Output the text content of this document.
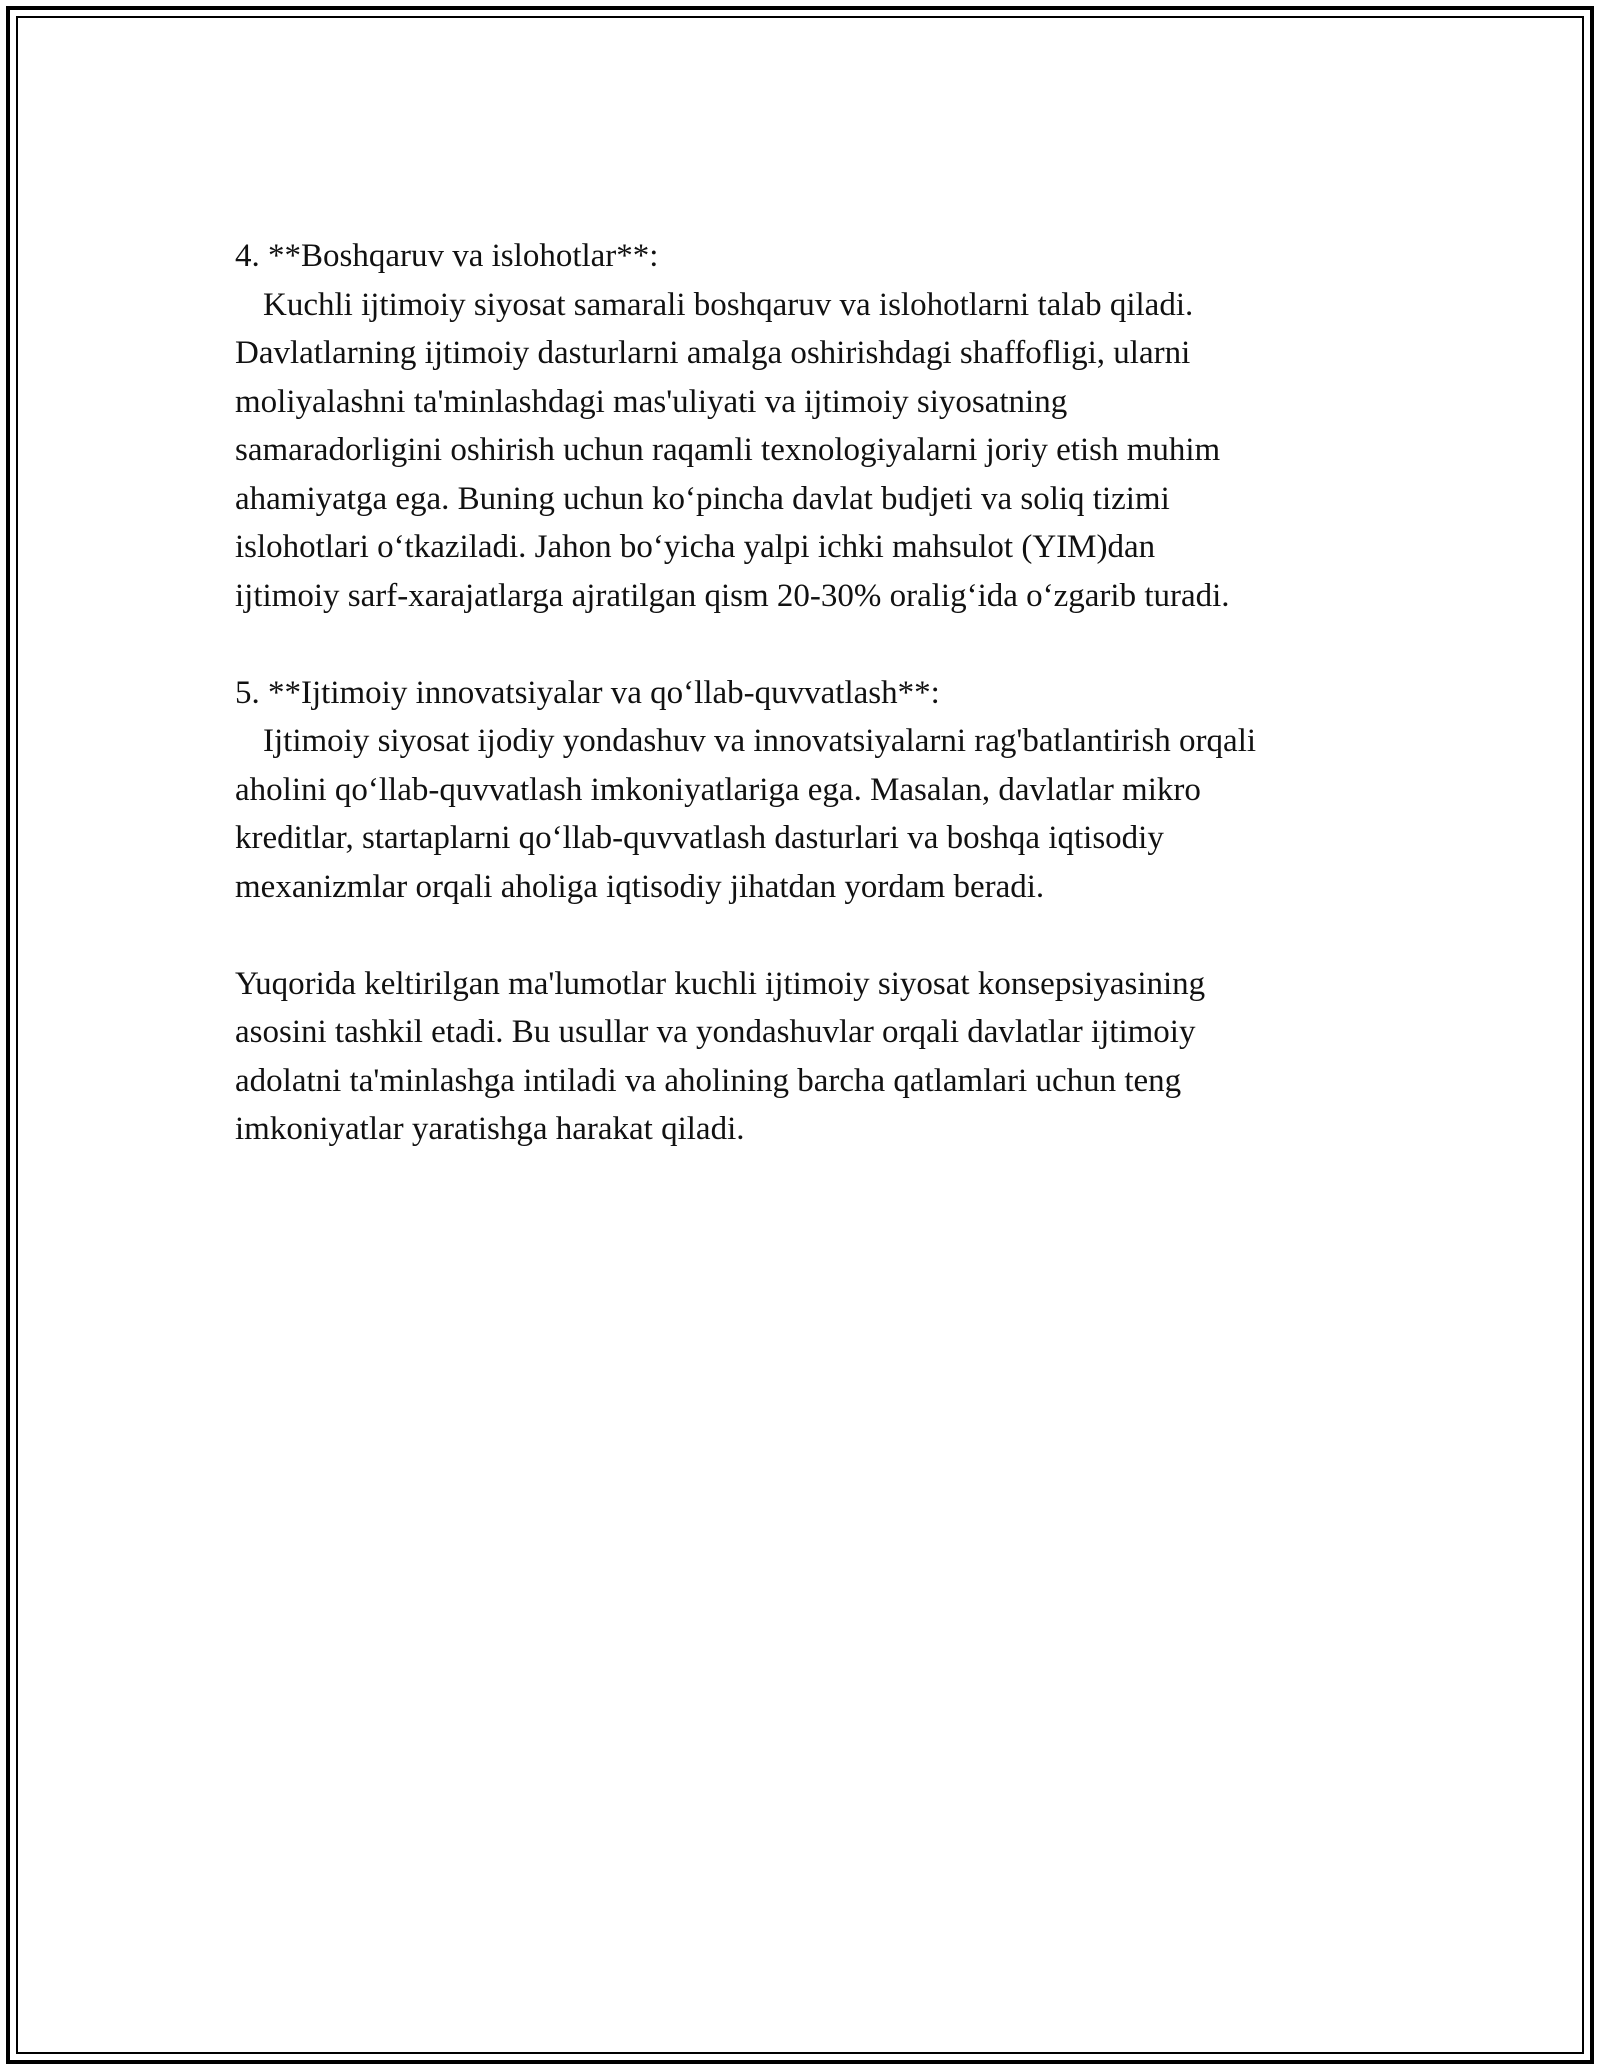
4. **Boshqaruv va islohotlar**:

Kuchli ijtimoiy siyosat samarali boshqaruv va islohotlarni talab qiladi.

Davlatlarning ijtimoiy dasturlarni amalga oshirishdagi shaffofligi, ularni

moliyalashni ta'minlashdagi mas'uliyati va ijtimoiy siyosatning

samaradorligini oshirish uchun raqamli texnologiyalarni joriy etish muhim

ahamiyatga ega. Buning uchun ko‘pincha davlat budjeti va soliq tizimi

islohotlari o‘tkaziladi. Jahon bo‘yicha yalpi ichki mahsulot (YIM)dan

ijtimoiy sarf-xarajatlarga ajratilgan qism 20-30% oralig‘ida o‘zgarib turadi.

5. **Ijtimoiy innovatsiyalar va qo‘llab-quvvatlash**:

Ijtimoiy siyosat ijodiy yondashuv va innovatsiyalarni rag'batlantirish orqali

aholini qo‘llab-quvvatlash imkoniyatlariga ega. Masalan, davlatlar mikro

kreditlar, startaplarni qo‘llab-quvvatlash dasturlari va boshqa iqtisodiy

mexanizmlar orqali aholiga iqtisodiy jihatdan yordam beradi.

Yuqorida keltirilgan ma'lumotlar kuchli ijtimoiy siyosat konsepsiyasining

asosini tashkil etadi. Bu usullar va yondashuvlar orqali davlatlar ijtimoiy

adolatni ta'minlashga intiladi va aholining barcha qatlamlari uchun teng

imkoniyatlar yaratishga harakat qiladi.
